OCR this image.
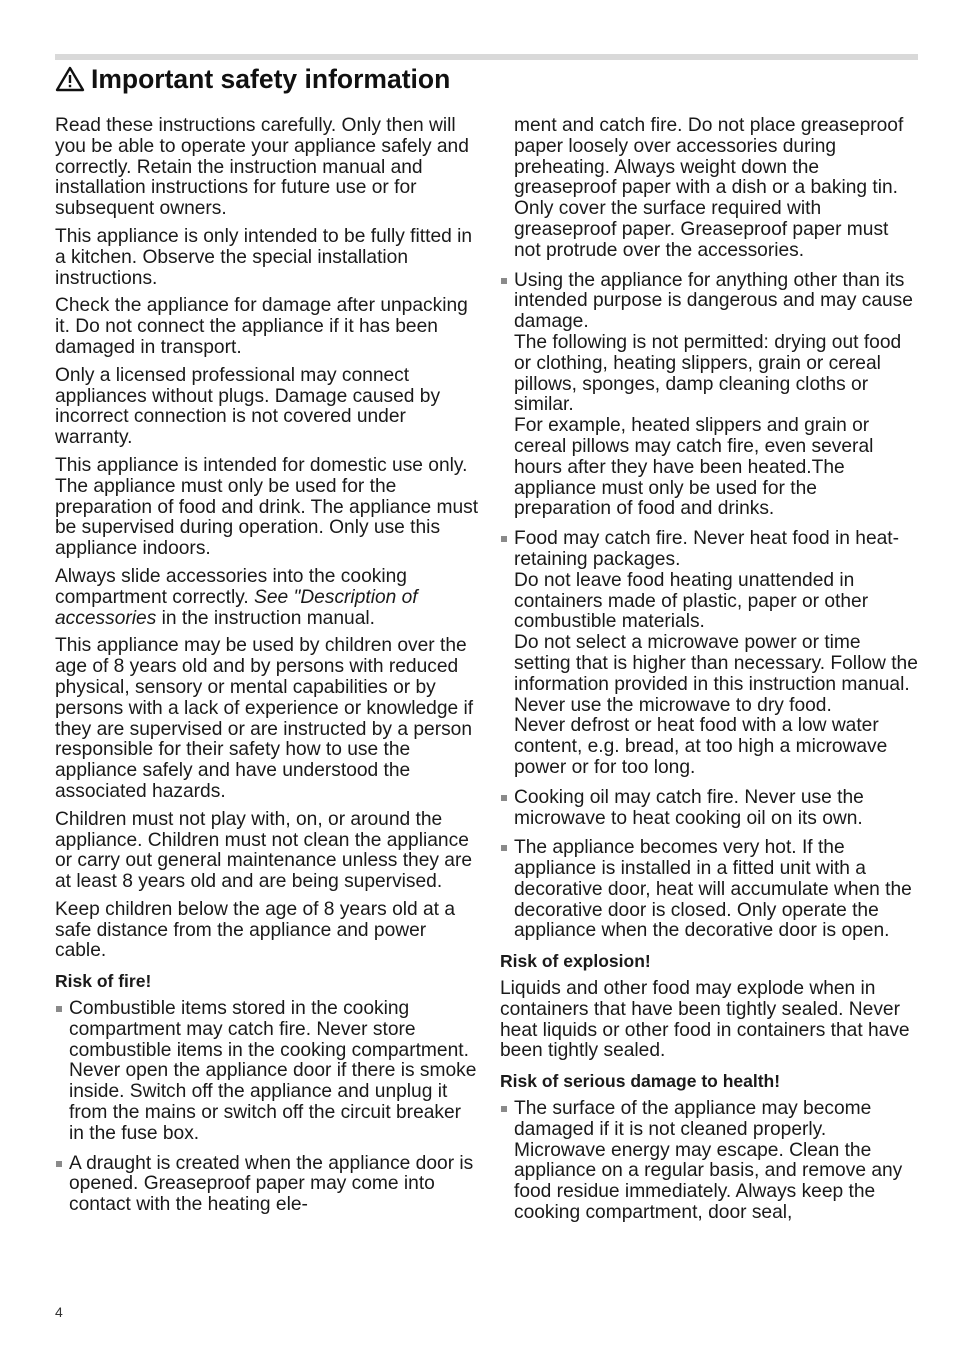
Important safety information

Read these instructions carefully. Only then will you be able to operate your appliance safely and correctly. Retain the instruction manual and installation instructions for future use or for subsequent owners.

This appliance is only intended to be fully fitted in a kitchen. Observe the special installation instructions.

Check the appliance for damage after unpacking it. Do not connect the appliance if it has been damaged in transport.

Only a licensed professional may connect appliances without plugs. Damage caused by incorrect connection is not covered under warranty.

This appliance is intended for domestic use only. The appliance must only be used for the preparation of food and drink. The appliance must be supervised during operation. Only use this appliance indoors.

Always slide accessories into the cooking compartment correctly. See "Description of accessories in the instruction manual.

This appliance may be used by children over the age of 8 years old and by persons with reduced physical, sensory or mental capabilities or by persons with a lack of experience or knowledge if they are supervised or are instructed by a person responsible for their safety how to use the appliance safely and have understood the associated hazards.

Children must not play with, on, or around the appliance. Children must not clean the appliance or carry out general maintenance unless they are at least 8 years old and are being supervised.

Keep children below the age of 8 years old at a safe distance from the appliance and power cable.

Risk of fire!
Combustible items stored in the cooking compartment may catch fire. Never store combustible items in the cooking compartment. Never open the appliance door if there is smoke inside. Switch off the appliance and unplug it from the mains or switch off the circuit breaker in the fuse box.
A draught is created when the appliance door is opened. Greaseproof paper may come into contact with the heating ele-
ment and catch fire. Do not place greaseproof paper loosely over accessories during preheating. Always weight down the greaseproof paper with a dish or a baking tin. Only cover the surface required with greaseproof paper. Greaseproof paper must not protrude over the accessories.
Using the appliance for anything other than its intended purpose is dangerous and may cause damage.
The following is not permitted: drying out food or clothing, heating slippers, grain or cereal pillows, sponges, damp cleaning cloths or similar.
For example, heated slippers and grain or cereal pillows may catch fire, even several hours after they have been heated.The appliance must only be used for the preparation of food and drinks.
Food may catch fire. Never heat food in heat-retaining packages.
Do not leave food heating unattended in containers made of plastic, paper or other combustible materials.
Do not select a microwave power or time setting that is higher than necessary. Follow the information provided in this instruction manual.
Never use the microwave to dry food.
Never defrost or heat food with a low water content, e.g. bread, at too high a microwave power or for too long.
Cooking oil may catch fire. Never use the microwave to heat cooking oil on its own.
The appliance becomes very hot. If the appliance is installed in a fitted unit with a decorative door, heat will accumulate when the decorative door is closed. Only operate the appliance when the decorative door is open.
Risk of explosion!

Liquids and other food may explode when in containers that have been tightly sealed. Never heat liquids or other food in containers that have been tightly sealed.

Risk of serious damage to health!
The surface of the appliance may become damaged if it is not cleaned properly. Microwave energy may escape. Clean the appliance on a regular basis, and remove any food residue immediately. Always keep the cooking compartment, door seal,
4
